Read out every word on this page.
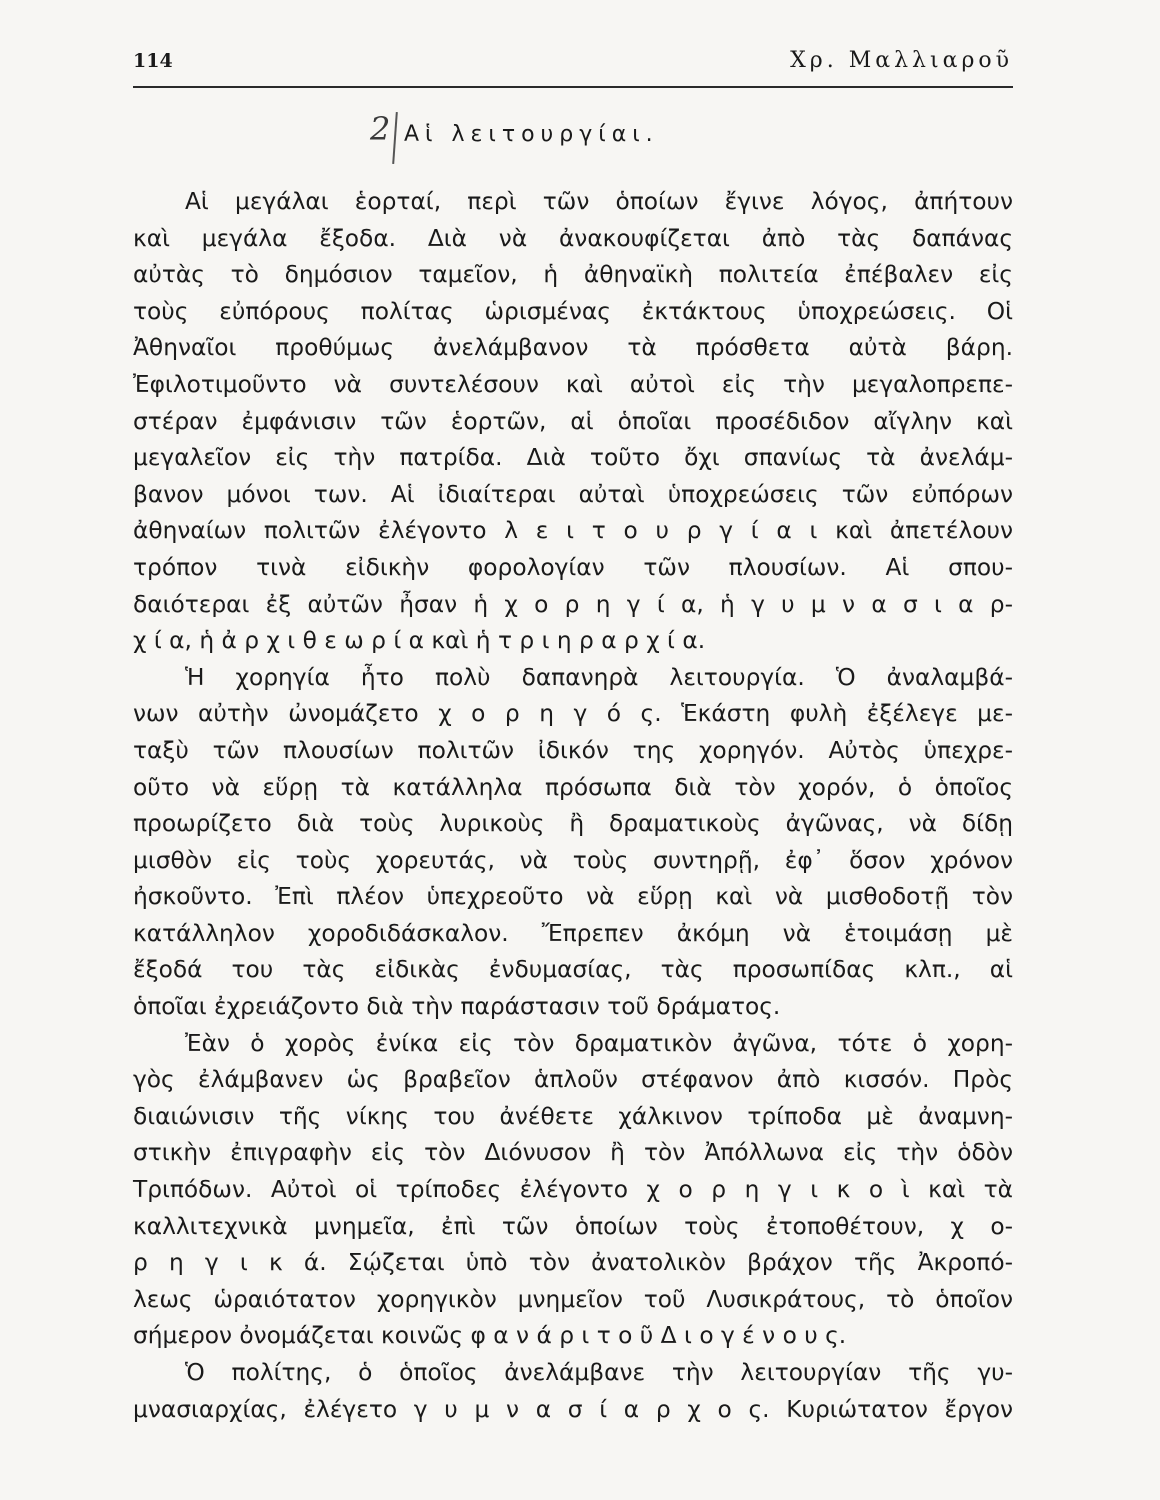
114	Χρ. Μαλλιαροῦ
2 Αἱ λειτουργίαι.
Αἱ μεγάλαι ἑορταί, περὶ τῶν ὁποίων ἔγινε λόγος, ἀπήτουν
καὶ μεγάλα ἔξοδα. Διὰ νὰ ἀνακουφίζεται ἀπὸ τὰς δαπάνας
αὐτὰς τὸ δημόσιον ταμεῖον, ἡ ἀθηναϊκὴ πολιτεία ἐπέβαλεν εἰς
τοὺς εὐπόρους πολίτας ὡρισμένας ἐκτάκτους ὑποχρεώσεις. Οἱ
Ἀθηναῖοι προθύμως ἀνελάμβανον τὰ πρόσθετα αὐτὰ βάρη.
Ἐφιλοτιμοῦντο νὰ συντελέσουν καὶ αὐτοὶ εἰς τὴν μεγαλοπρεπε-
στέραν ἐμφάνισιν τῶν ἑορτῶν, αἱ ὁποῖαι προσέδιδον αἴγλην καὶ
μεγαλεῖον εἰς τὴν πατρίδα. Διὰ τοῦτο ὄχι σπανίως τὰ ἀνελάμ-
βανον μόνοι των. Αἱ ἰδιαίτεραι αὐταὶ ὑποχρεώσεις τῶν εὐπόρων
ἀθηναίων πολιτῶν ἐλέγοντο λ ε ι τ ο υ ρ γ ί α ι καὶ ἀπετέλουν
τρόπον τινὰ εἰδικὴν φορολογίαν τῶν πλουσίων. Αἱ σπου-
δαιότεραι ἐξ αὐτῶν ἦσαν ἡ χ ο ρ η γ ί α, ἡ γ υ μ ν α σ ι α ρ-
χ ί α, ἡ ἀ ρ χ ι θ ε ω ρ ί α καὶ ἡ τ ρ ι η ρ α ρ χ ί α.
Ἡ χορηγία ἦτο πολὺ δαπανηρὰ λειτουργία. Ὁ ἀναλαμβά-
νων αὐτὴν ὠνομάζετο χ ο ρ η γ ό ς. Ἑκάστη φυλὴ ἐξέλεγε με-
ταξὺ τῶν πλουσίων πολιτῶν ἰδικόν της χορηγόν. Αὐτὸς ὑπεχρε-
οῦτο νὰ εὕρῃ τὰ κατάλληλα πρόσωπα διὰ τὸν χορόν, ὁ ὁποῖος
προωρίζετο διὰ τοὺς λυρικοὺς ἢ δραματικοὺς ἀγῶνας, νὰ δίδῃ
μισθὸν εἰς τοὺς χορευτάς, νὰ τοὺς συντηρῇ, ἐφ᾽ ὅσον χρόνον
ἠσκοῦντο. Ἐπὶ πλέον ὑπεχρεοῦτο νὰ εὕρῃ καὶ νὰ μισθοδοτῇ τὸν
κατάλληλον χοροδιδάσκαλον. Ἔπρεπεν ἀκόμη νὰ ἑτοιμάσῃ μὲ
ἔξοδά του τὰς εἰδικὰς ἐνδυμασίας, τὰς προσωπίδας κλπ., αἱ
ὁποῖαι ἐχρειάζοντο διὰ τὴν παράστασιν τοῦ δράματος.
Ἐὰν ὁ χορὸς ἐνίκα εἰς τὸν δραματικὸν ἀγῶνα, τότε ὁ χορη-
γὸς ἐλάμβανεν ὡς βραβεῖον ἁπλοῦν στέφανον ἀπὸ κισσόν. Πρὸς
διαιώνισιν τῆς νίκης του ἀνέθετε χάλκινον τρίποδα μὲ ἀναμνη-
στικὴν ἐπιγραφὴν εἰς τὸν Διόνυσον ἢ τὸν Ἀπόλλωνα εἰς τὴν ὁδὸν
Τριπόδων. Αὐτοὶ οἱ τρίποδες ἐλέγοντο χ ο ρ η γ ι κ ο ὶ καὶ τὰ
καλλιτεχνικὰ μνημεῖα, ἐπὶ τῶν ὁποίων τοὺς ἐτοποθέτουν, χ ο-
ρ η γ ι κ ά. Σῴζεται ὑπὸ τὸν ἀνατολικὸν βράχον τῆς Ἀκροπό-
λεως ὡραιότατον χορηγικὸν μνημεῖον τοῦ Λυσικράτους, τὸ ὁποῖον
σήμερον ὀνομάζεται κοινῶς φ α ν ά ρ ι τ ο ῦ Δ ι ο γ έ ν ο υ ς.
Ὁ πολίτης, ὁ ὁποῖος ἀνελάμβανε τὴν λειτουργίαν τῆς γυ-
μνασιαρχίας, ἐλέγετο γ υ μ ν α σ ί α ρ χ ο ς. Κυριώτατον ἔργον
